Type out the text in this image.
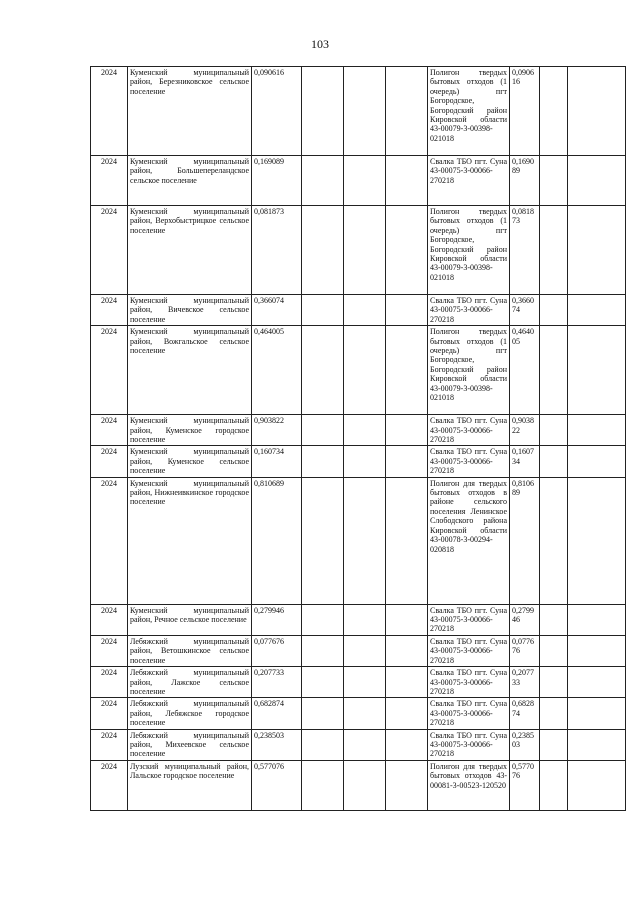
103
2024	Куменский муниципальный район, Березниковское сельское поселение	0,090616				Полигон твердых бытовых отходов (1 очередь) пгт Богородское, Богородский район Кировской области 43-00079-3-00398-021018	0,0906 16		
2024	Куменский муниципальный район, Большепереландское сельское поселение	0,169089				Свалка ТБО пгт. Суна 43-00075-3-00066-270218	0,1690 89		
2024	Куменский муниципальный район, Верхобыстрицкое сельское поселение	0,081873				Полигон твердых бытовых отходов (1 очередь) пгт Богородское, Богородский район Кировской области 43-00079-3-00398-021018	0,0818 73		
2024	Куменский муниципальный район, Вичевское сельское поселение	0,366074				Свалка ТБО пгт. Суна 43-00075-3-00066-270218	0,3660 74		
2024	Куменский муниципальный район, Вожгальское сельское поселение	0,464005				Полигон твердых бытовых отходов (1 очередь) пгт Богородское, Богородский район Кировской области 43-00079-3-00398-021018	0,4640 05		
2024	Куменский муниципальный район, Куменское городское поселение	0,903822				Свалка ТБО пгт. Суна 43-00075-3-00066-270218	0,9038 22		
2024	Куменский муниципальный район, Куменское сельское поселение	0,160734				Свалка ТБО пгт. Суна 43-00075-3-00066-270218	0,1607 34		
2024	Куменский муниципальный район, Нижнеивкинское городское поселение	0,810689				Полигон для твердых бытовых отходов в районе сельского поселения Ленинское Слободского района Кировской области 43-00078-3-00294-020818	0,8106 89		
2024	Куменский муниципальный район, Речное сельское поселение	0,279946				Свалка ТБО пгт. Суна 43-00075-3-00066-270218	0,2799 46		
2024	Лебяжский муниципальный район, Ветошкинское сельское поселение	0,077676				Свалка ТБО пгт. Суна 43-00075-3-00066-270218	0,0776 76		
2024	Лебяжский муниципальный район, Лажское сельское поселение	0,207733				Свалка ТБО пгт. Суна 43-00075-3-00066-270218	0,2077 33		
2024	Лебяжский муниципальный район, Лебяжское городское поселение	0,682874				Свалка ТБО пгт. Суна 43-00075-3-00066-270218	0,6828 74		
2024	Лебяжский муниципальный район, Михеевское сельское поселение	0,238503				Свалка ТБО пгт. Суна 43-00075-3-00066-270218	0,2385 03		
2024	Лузский муниципальный район, Лальское городское поселение	0,577076				Полигон для твердых бытовых отходов 43-00081-3-00523-120520	0,5770 76		
